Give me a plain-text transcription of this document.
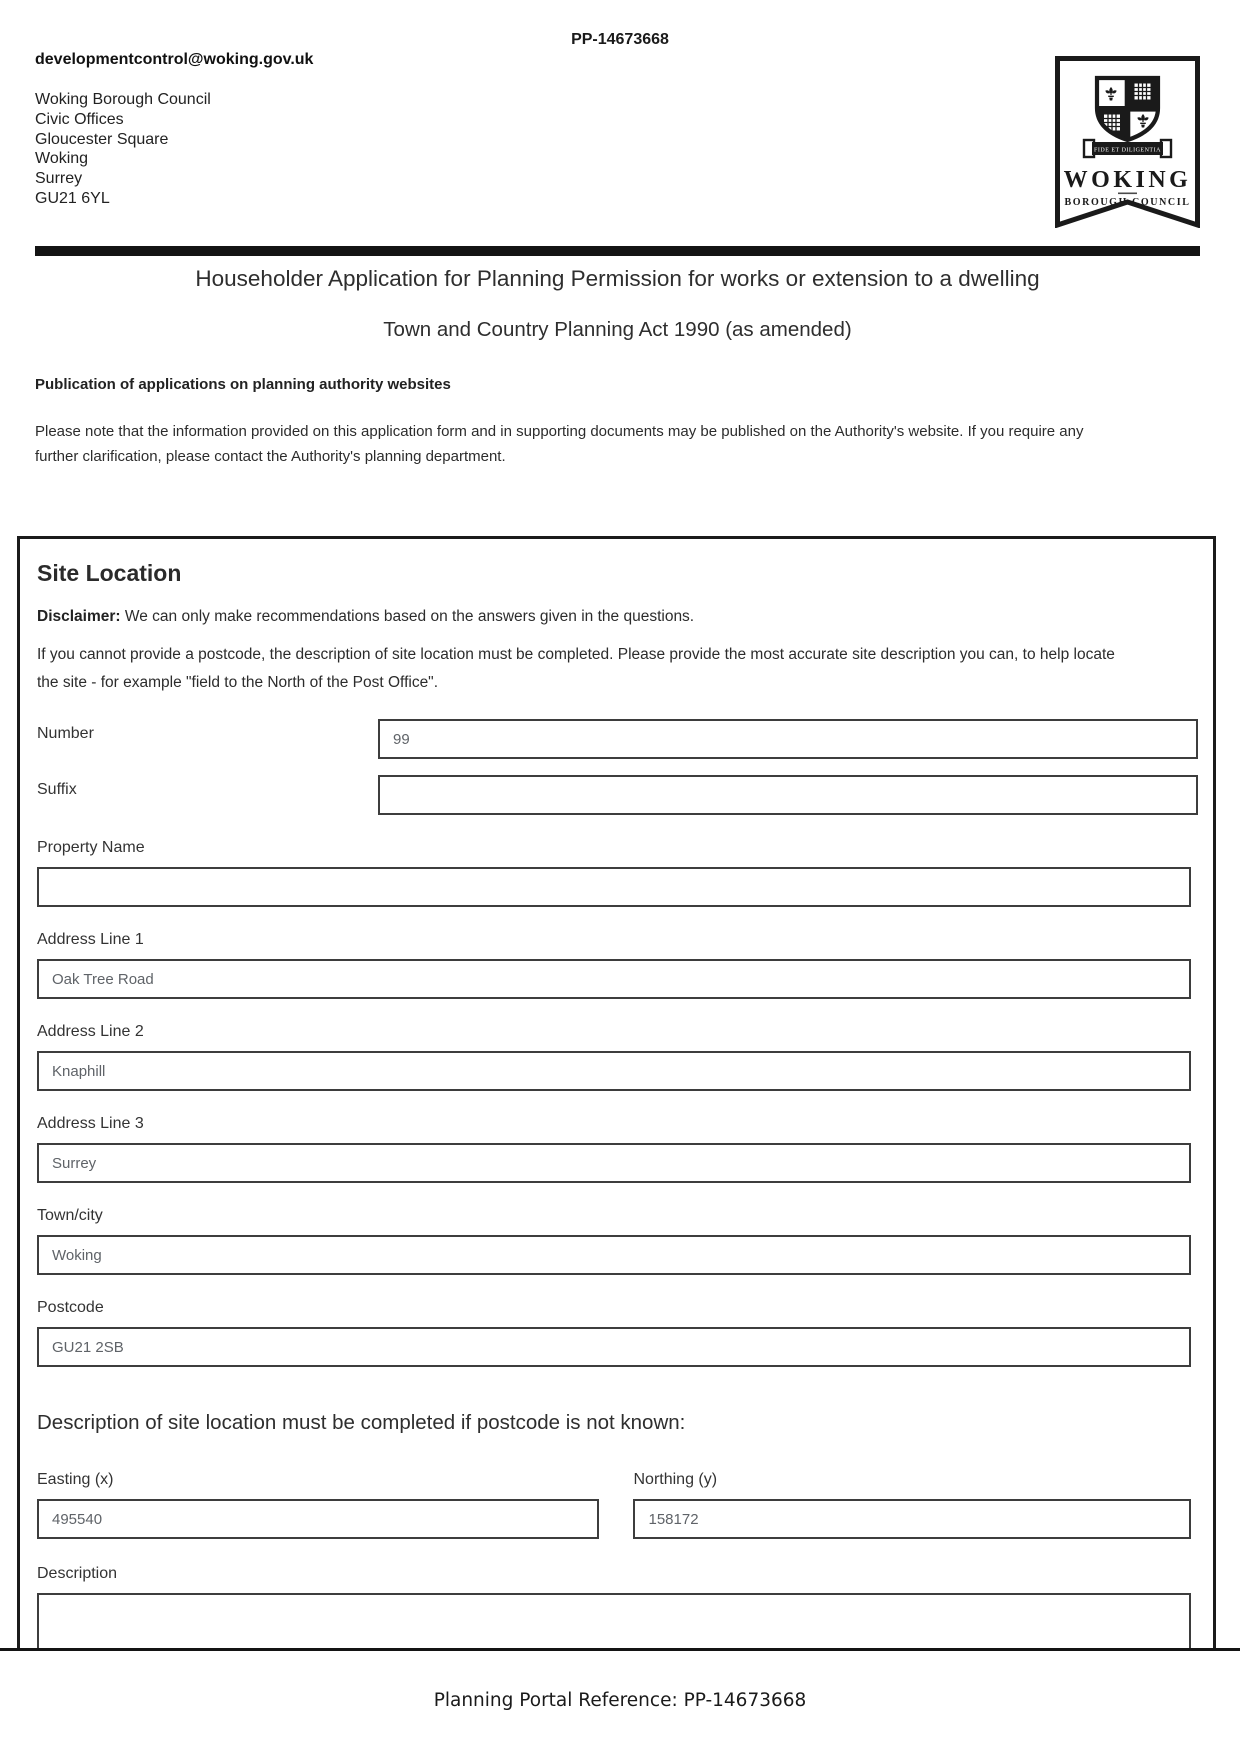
PP-14673668
developmentcontrol@woking.gov.uk
Woking Borough Council
Civic Offices
Gloucester Square
Woking
Surrey
GU21 6YL
FIDE ET DILIGENTIA
WOKING
BOROUGH COUNCIL
Householder Application for Planning Permission for works or extension to a dwelling
Town and Country Planning Act 1990 (as amended)
Publication of applications on planning authority websites

Please note that the information provided on this application form and in supporting documents may be published on the Authority's website. If you require any further clarification, please contact the Authority's planning department.

Site Location

Disclaimer: We can only make recommendations based on the answers given in the questions.

If you cannot provide a postcode, the description of site location must be completed. Please provide the most accurate site description you can, to help locate the site - for example "field to the North of the Post Office".

Number
99
Suffix
Property Name
Address Line 1
Oak Tree Road
Address Line 2
Knaphill
Address Line 3
Surrey
Town/city
Woking
Postcode
GU21 2SB
Description of site location must be completed if postcode is not known:
Easting (x)
495540	Northing (y)
158172
Description
Planning Portal Reference: PP-14673668
